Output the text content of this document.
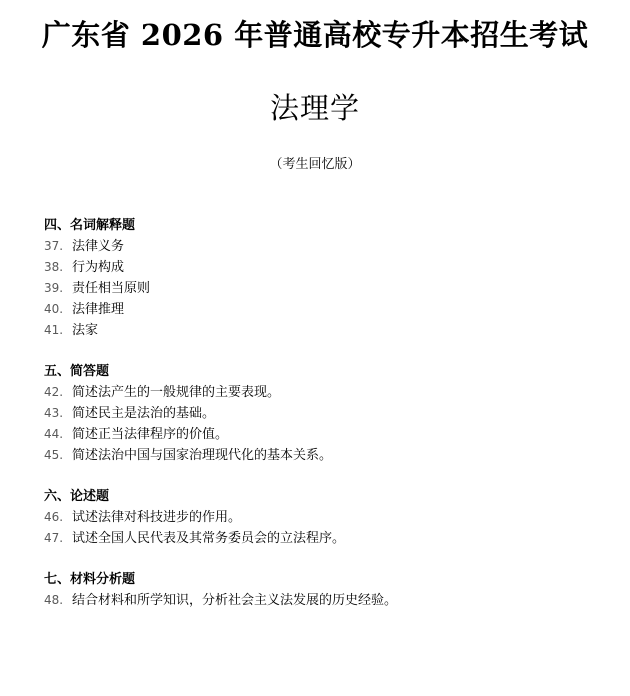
广东省 2026 年普通高校专升本招生考试
法理学
（考生回忆版）
四、名词解释题
37. 法律义务
38. 行为构成
39. 责任相当原则
40. 法律推理
41. 法家
五、简答题
42. 简述法产生的一般规律的主要表现。
43. 简述民主是法治的基础。
44. 简述正当法律程序的价值。
45. 简述法治中国与国家治理现代化的基本关系。
六、论述题
46. 试述法律对科技进步的作用。
47. 试述全国人民代表及其常务委员会的立法程序。
七、材料分析题
48. 结合材料和所学知识，分析社会主义法发展的历史经验。
